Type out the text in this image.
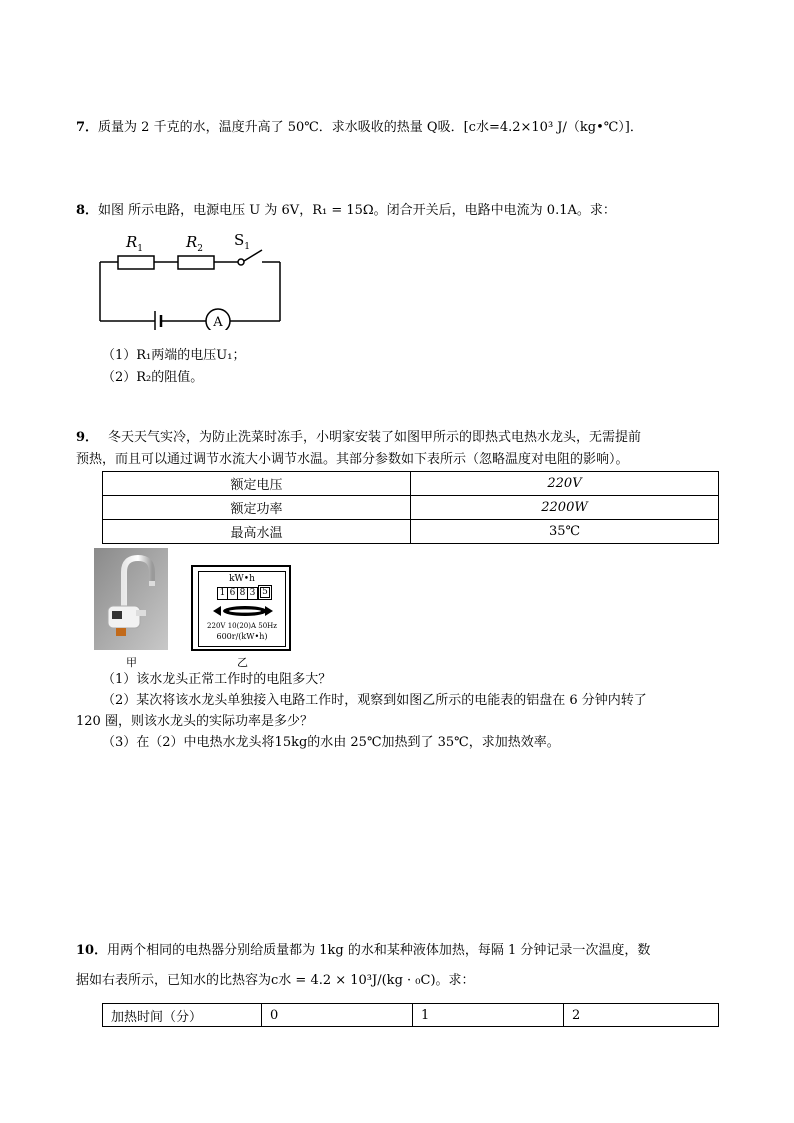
7．质量为 2 千克的水，温度升高了 50℃．求水吸收的热量 Q吸．[c水=4.2×10³ J/（kg•℃）]．
8．如图 所示电路，电源电压 U 为 6V，R₁ = 15Ω。闭合开关后，电路中电流为 0.1A。求：
A
$R_1$	$R_2$ $S_1$
（1）R₁两端的电压U₁；
（2）R₂的阻值。
9． 冬天天气实冷，为防止洗菜时冻手，小明家安装了如图甲所示的即热式电热水龙头，无需提前
预热，而且可以通过调节水流大小调节水温。其部分参数如下表所示（忽略温度对电阻的影响）。
额定电压	220V
额定功率	2200W
最高水温	35℃
甲
kW•h
1 6 8 3 5
220V 10(20)A 50Hz
600r/(kW•h)
乙
（1）该水龙头正常工作时的电阻多大？
（2）某次将该水龙头单独接入电路工作时，观察到如图乙所示的电能表的铝盘在 6 分钟内转了
120 圈，则该水龙头的实际功率是多少？
（3）在（2）中电热水龙头将15kg的水由 25℃加热到了 35℃，求加热效率。
10．用两个相同的电热器分别给质量都为 1kg 的水和某种液体加热，每隔 1 分钟记录一次温度，数
据如右表所示，已知水的比热容为c水 = 4.2 × 10³J/(kg · ₀C)。求：
加热时间（分）	0	1	2
